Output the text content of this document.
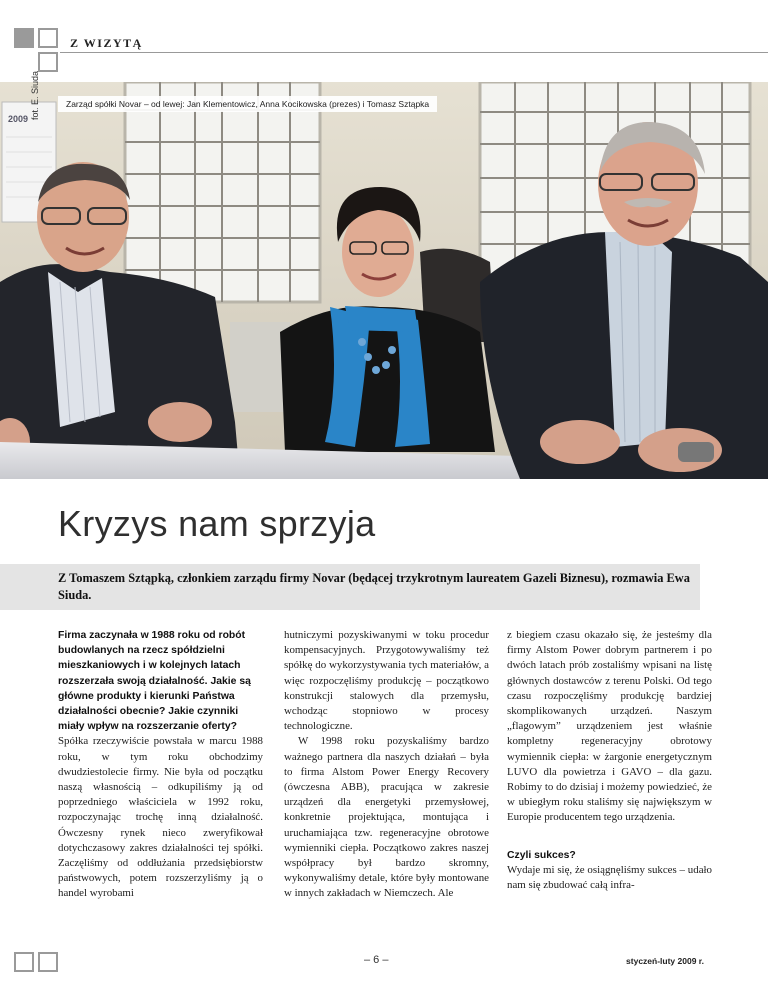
Z WIZYTĄ
2009
Zarząd spółki Novar – od lewej: Jan Klementowicz, Anna Kocikowska (prezes) i Tomasz Sztąpka
fot. E. Siuda
Kryzys nam sprzyja

Z Tomaszem Sztąpką, członkiem zarządu firmy Novar (będącej trzykrotnym laureatem Gazeli Biznesu), rozmawia Ewa Siuda.

Firma zaczynała w 1988 roku od robót budowlanych na rzecz spółdzielni mieszkaniowych i w kolejnych latach rozszerzała swoją działalność. Jakie są główne produkty i kierunki Państwa działalności obecnie? Jakie czynniki miały wpływ na rozszerzanie oferty?

Spółka rzeczywiście powstała w marcu 1988 roku, w tym roku obchodzimy dwudziestolecie firmy. Nie była od początku naszą własnością – odkupiliśmy ją od poprzedniego właściciela w 1992 roku, rozpoczynając trochę inną działalność. Ówczesny rynek nieco zweryfikował dotychczasowy zakres działalności tej spółki. Zaczęliśmy od oddłużania przedsiębiorstw państwowych, potem rozszerzyliśmy ją o handel wyrobami

hutniczymi pozyskiwanymi w toku procedur kompensacyjnych. Przygotowywaliśmy też spółkę do wykorzystywania tych materiałów, a więc rozpoczęliśmy produkcję – początkowo konstrukcji stalowych dla przemysłu, wchodząc stopniowo w procesy technologiczne.

W 1998 roku pozyskaliśmy bardzo ważnego partnera dla naszych działań – była to firma Alstom Power Energy Recovery (ówczesna ABB), pracująca w zakresie urządzeń dla energetyki przemysłowej, konkretnie projektująca, montująca i uruchamiająca tzw. regeneracyjne obrotowe wymienniki ciepła. Początkowo zakres naszej współpracy był bardzo skromny, wykonywaliśmy detale, które były montowane w innych zakładach w Niemczech. Ale

z biegiem czasu okazało się, że jesteśmy dla firmy Alstom Power dobrym partnerem i po dwóch latach prób zostaliśmy wpisani na listę głównych dostawców z terenu Polski. Od tego czasu rozpoczęliśmy produkcję bardziej skomplikowanych urządzeń. Naszym „flagowym” urządzeniem jest właśnie kompletny regeneracyjny obrotowy wymiennik ciepła: w żargonie energetycznym LUVO dla powietrza i GAVO – dla gazu. Robimy to do dzisiaj i możemy powiedzieć, że w ubiegłym roku staliśmy się największym w Europie producentem tego urządzenia.

Czyli sukces?

Wydaje mi się, że osiągnęliśmy sukces – udało nam się zbudować całą infra-

– 6 –	styczeń-luty 2009 r.
